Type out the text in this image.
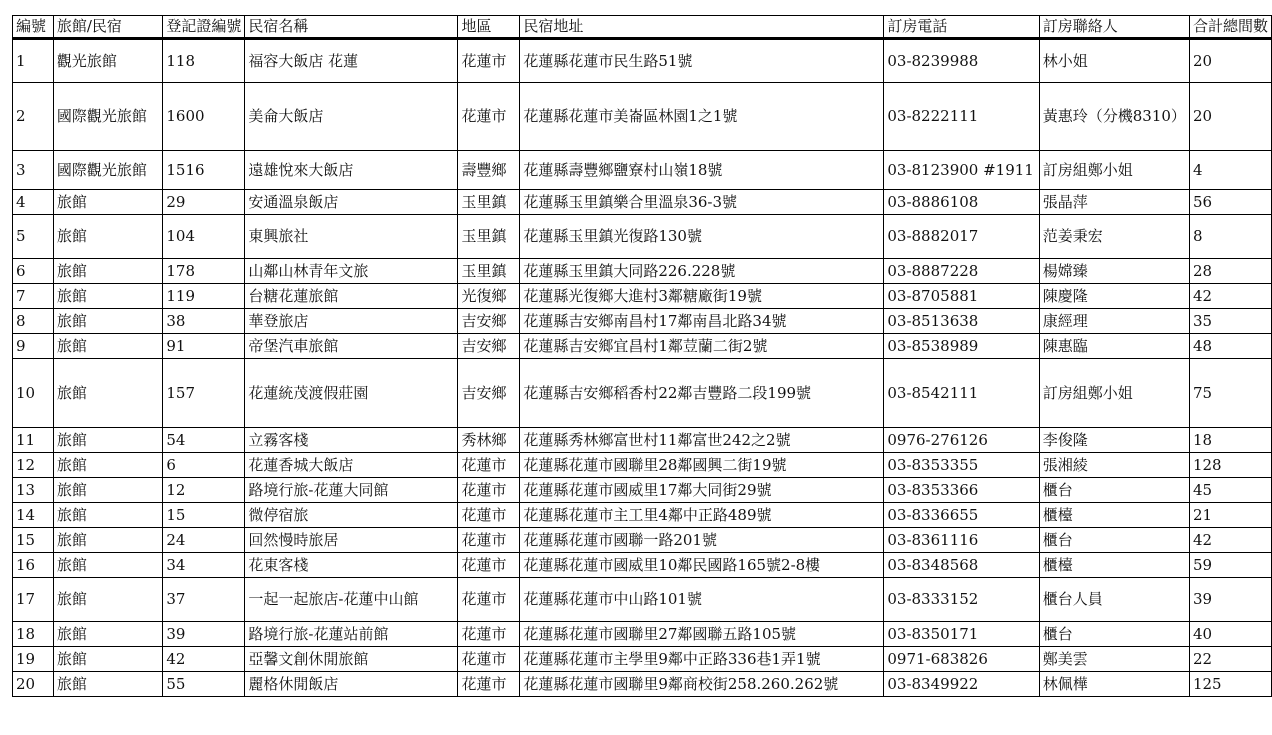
編號	旅館/民宿	登記證編號	民宿名稱	地區	民宿地址	訂房電話	訂房聯絡人	合計總間數
1	觀光旅館	118	福容大飯店 花蓮	花蓮市	花蓮縣花蓮市民生路51號	03-8239988	林小姐	20
2	國際觀光旅館	1600	美侖大飯店	花蓮市	花蓮縣花蓮市美崙區林園1之1號	03-8222111	黃惠玲（分機8310）	20
3	國際觀光旅館	1516	遠雄悅來大飯店	壽豐鄉	花蓮縣壽豐鄉鹽寮村山嶺18號	03-8123900 #1911	訂房組鄭小姐	4
4	旅館	29	安通溫泉飯店	玉里鎮	花蓮縣玉里鎮樂合里溫泉36-3號	03-8886108	張晶萍	56
5	旅館	104	東興旅社	玉里鎮	花蓮縣玉里鎮光復路130號	03-8882017	范姜秉宏	8
6	旅館	178	山鄰山林青年文旅	玉里鎮	花蓮縣玉里鎮大同路226.228號	03-8887228	楊嫦臻	28
7	旅館	119	台糖花蓮旅館	光復鄉	花蓮縣光復鄉大進村3鄰糖廠街19號	03-8705881	陳慶隆	42
8	旅館	38	華登旅店	吉安鄉	花蓮縣吉安鄉南昌村17鄰南昌北路34號	03-8513638	康經理	35
9	旅館	91	帝堡汽車旅館	吉安鄉	花蓮縣吉安鄉宜昌村1鄰荳蘭二街2號	03-8538989	陳惠臨	48
10	旅館	157	花蓮統茂渡假莊園	吉安鄉	花蓮縣吉安鄉稻香村22鄰吉豐路二段199號	03-8542111	訂房組鄭小姐	75
11	旅館	54	立霧客棧	秀林鄉	花蓮縣秀林鄉富世村11鄰富世242之2號	0976-276126	李俊隆	18
12	旅館	6	花蓮香城大飯店	花蓮市	花蓮縣花蓮市國聯里28鄰國興二街19號	03-8353355	張湘綾	128
13	旅館	12	路境行旅-花蓮大同館	花蓮市	花蓮縣花蓮市國威里17鄰大同街29號	03-8353366	櫃台	45
14	旅館	15	微停宿旅	花蓮市	花蓮縣花蓮市主工里4鄰中正路489號	03-8336655	櫃檯	21
15	旅館	24	回然慢時旅居	花蓮市	花蓮縣花蓮市國聯一路201號	03-8361116	櫃台	42
16	旅館	34	花東客棧	花蓮市	花蓮縣花蓮市國威里10鄰民國路165號2-8樓	03-8348568	櫃檯	59
17	旅館	37	一起一起旅店-花蓮中山館	花蓮市	花蓮縣花蓮市中山路101號	03-8333152	櫃台人員	39
18	旅館	39	路境行旅-花蓮站前館	花蓮市	花蓮縣花蓮市國聯里27鄰國聯五路105號	03-8350171	櫃台	40
19	旅館	42	亞馨文創休閒旅館	花蓮市	花蓮縣花蓮市主學里9鄰中正路336巷1弄1號	0971-683826	鄭美雲	22
20	旅館	55	麗格休閒飯店	花蓮市	花蓮縣花蓮市國聯里9鄰商校街258.260.262號	03-8349922	林佩樺	125
